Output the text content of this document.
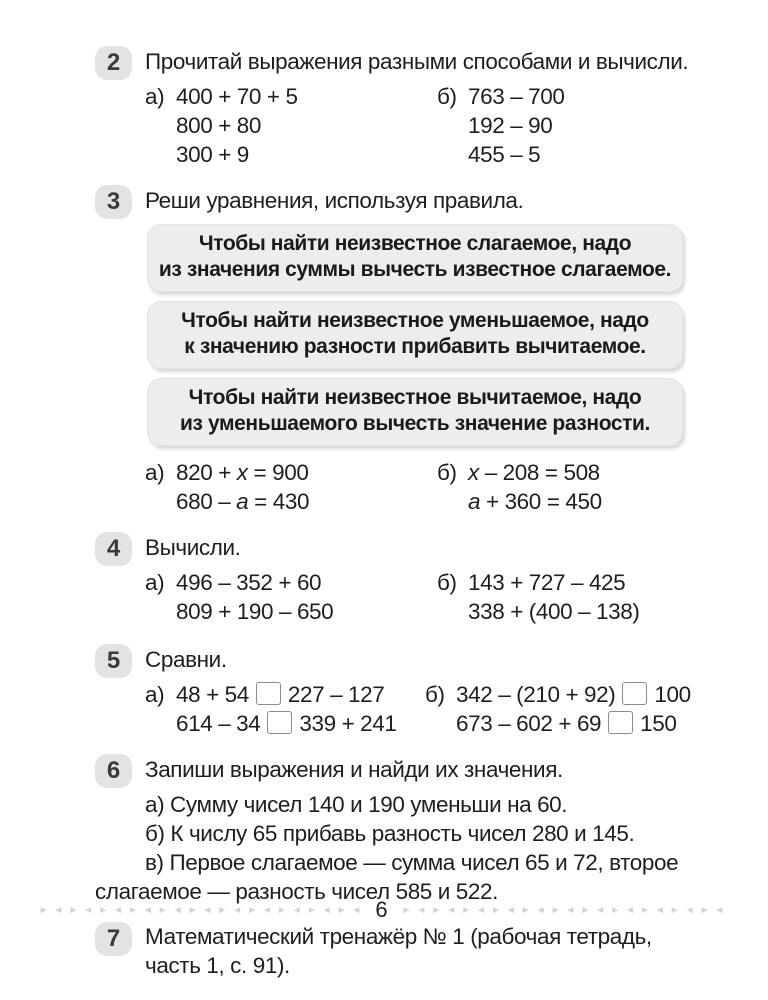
2	Прочитай выражения разными способами и вычисли.
а) 400 + 70 + 5
800 + 80
300 + 9
б) 763 – 700
192 – 90
455 – 5
3	Реши уравнения, используя правила.
Чтобы найти неизвестное слагаемое, надо
из значения суммы вычесть известное слагаемое.
Чтобы найти неизвестное уменьшаемое, надо
к значению разности прибавить вычитаемое.
Чтобы найти неизвестное вычитаемое, надо
из уменьшаемого вычесть значение разности.
а) 820 + x = 900
680 – a = 430
б) x – 208 = 508
a + 360 = 450
4	Вычисли.
а) 496 – 352 + 60
809 + 190 – 650
б) 143 + 727 – 425
338 + (400 – 138)
5	Сравни.
а) 48 + 54 227 – 127
614 – 34 339 + 241
б) 342 – (210 + 92) 100
673 – 602 + 69 150
6	Запиши выражения и найди их значения.
а) Сумму чисел 140 и 190 уменьши на 60.
б) К числу 65 прибавь разность чисел 280 и 145.
в) Первое слагаемое — сумма чисел 65 и 72, второе
слагаемое — разность чисел 585 и 522.
7	Математический тренажёр № 1 (рабочая тетрадь,
часть 1, с. 91).
►◄►◄►◄►◄►◄►◄►◄►◄►◄►◄►◄ 6 ►◄►◄►◄►◄►◄►◄►◄►◄►◄►◄►◄
